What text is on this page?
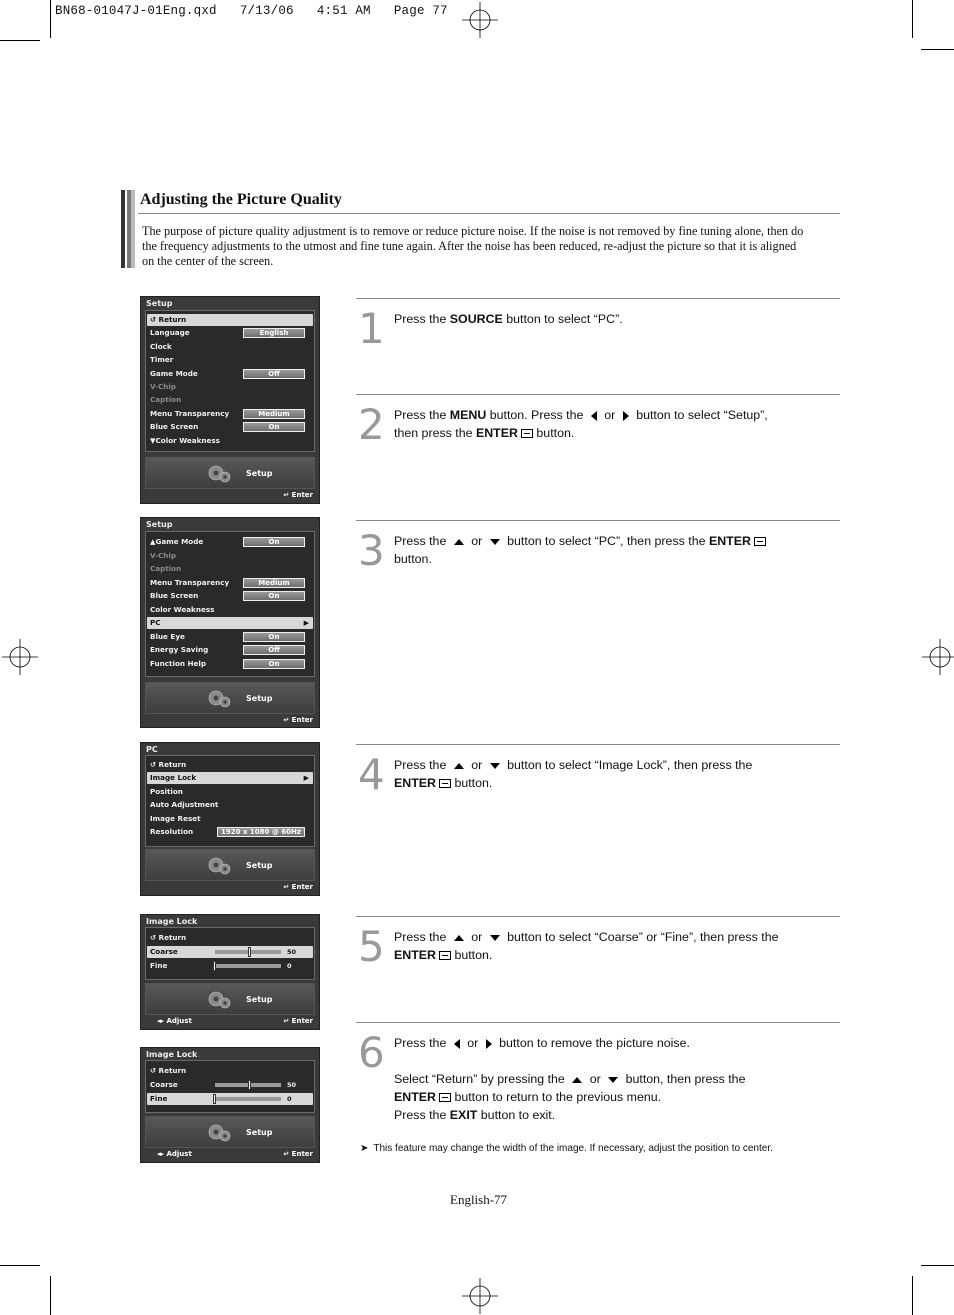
BN68-01047J-01Eng.qxd   7/13/06   4:51 AM   Page 77
Adjusting the Picture Quality
The purpose of picture quality adjustment is to remove or reduce picture noise. If the noise is not removed by fine tuning alone, then do the frequency adjustments to the utmost and fine tune again. After the noise has been reduced, re-adjust the picture so that it is aligned on the center of the screen.
Setup
↺ Return
Language	English
Clock
Timer
Game Mode	Off
V-Chip
Caption
Menu Transparency	Medium
Blue Screen	On
▼Color Weakness
Setup
↵ Enter
Setup
▲Game Mode	On
V-Chip
Caption
Menu Transparency	Medium
Blue Screen	On
Color Weakness
PC	▶
Blue Eye	On
Energy Saving	Off
Function Help	On
Setup
↵ Enter
PC
↺ Return
Image Lock	▶
Position
Auto Adjustment
Image Reset
Resolution	1920 x 1080 @ 60Hz
Setup
↵ Enter
Image Lock
↺ Return
Coarse	50
Fine	0
Setup
◂▸ Adjust	↵ Enter
Image Lock
↺ Return
Coarse	50
Fine	0
Setup
◂▸ Adjust	↵ Enter
1 Press the SOURCE button to select “PC”.
2 Press the MENU button. Press the  or  button to select “Setup”,
then press the ENTER button.
3 Press the  or  button to select “PC”, then press the ENTER
button.
4 Press the  or  button to select “Image Lock”, then press the
ENTER button.
5 Press the  or  button to select “Coarse” or “Fine”, then press the
ENTER button.
6 Press the  or  button to remove the picture noise.
Select “Return” by pressing the  or  button, then press the
ENTER button to return to the previous menu.
Press the EXIT button to exit.
➤ This feature may change the width of the image. If necessary, adjust the position to center.
English-77
